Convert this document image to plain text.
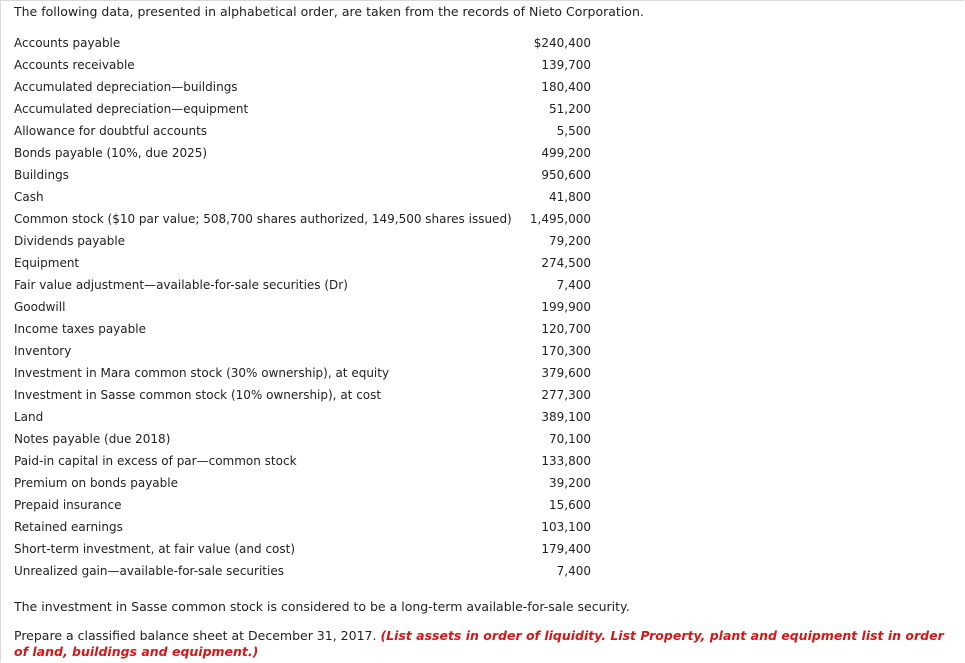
The following data, presented in alphabetical order, are taken from the records of Nieto Corporation.
Accounts payable	$240,400
Accounts receivable	139,700
Accumulated depreciation—buildings	180,400
Accumulated depreciation—equipment	51,200
Allowance for doubtful accounts	5,500
Bonds payable (10%, due 2025)	499,200
Buildings	950,600
Cash	41,800
Common stock ($10 par value; 508,700 shares authorized, 149,500 shares issued) 1,495,000
Dividends payable	79,200
Equipment	274,500
Fair value adjustment—available-for-sale securities (Dr)	7,400
Goodwill	199,900
Income taxes payable	120,700
Inventory	170,300
Investment in Mara common stock (30% ownership), at equity	379,600
Investment in Sasse common stock (10% ownership), at cost	277,300
Land	389,100
Notes payable (due 2018)	70,100
Paid-in capital in excess of par—common stock	133,800
Premium on bonds payable	39,200
Prepaid insurance	15,600
Retained earnings	103,100
Short-term investment, at fair value (and cost)	179,400
Unrealized gain—available-for-sale securities	7,400
The investment in Sasse common stock is considered to be a long-term available-for-sale security.
Prepare a classified balance sheet at December 31, 2017. (List assets in order of liquidity. List Property, plant and equipment list in order of land, buildings and equipment.)
